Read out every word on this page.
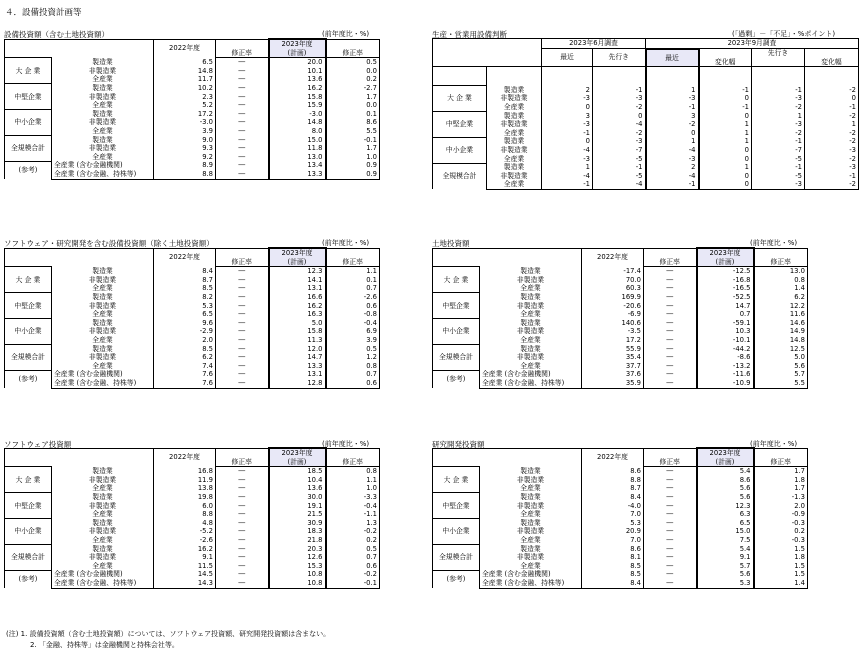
４．設備投資計画等
設備投資額（含む土地投資額）	(前年度比・%)
		2022年度		2023年度	
			修正率	(計画)	修正率
大 企 業	製造業	6.5	―	20.0	0.5
	非製造業	14.8	―	10.1	0.0
	全産業	11.7	―	13.6	0.2
中堅企業	製造業	10.2	―	16.2	-2.7
	非製造業	2.3	―	15.8	1.7
	全産業	5.2	―	15.9	0.0
中小企業	製造業	17.2	―	-3.0	0.1
	非製造業	-3.0	―	14.8	8.6
	全産業	3.9	―	8.0	5.5
全規模合計	製造業	9.0	―	15.0	-0.1
	非製造業	9.3	―	11.8	1.7
	全産業	9.2	―	13.0	1.0
(参考)	全産業 (含む金融機関)	8.9	―	13.4	0.9
	全産業 (含む金融、持株等)	8.8	―	13.3	0.9
ソフトウェア・研究開発を含む設備投資額（除く土地投資額）	(前年度比・%)
		2022年度		2023年度	
			修正率	(計画)	修正率
大 企 業	製造業	8.4	―	12.3	1.1
	非製造業	8.7	―	14.1	0.1
	全産業	8.5	―	13.1	0.7
中堅企業	製造業	8.2	―	16.6	-2.6
	非製造業	5.3	―	16.2	0.6
	全産業	6.5	―	16.3	-0.8
中小企業	製造業	9.6	―	5.0	-0.4
	非製造業	-2.9	―	15.8	6.9
	全産業	2.0	―	11.3	3.9
全規模合計	製造業	8.5	―	12.0	0.5
	非製造業	6.2	―	14.7	1.2
	全産業	7.4	―	13.3	0.8
(参考)	全産業 (含む金融機関)	7.6	―	13.1	0.7
	全産業 (含む金融、持株等)	7.6	―	12.8	0.6
ソフトウェア投資額	(前年度比・%)
		2022年度		2023年度	
			修正率	(計画)	修正率
大 企 業	製造業	16.8	―	18.5	0.8
	非製造業	11.9	―	10.4	1.1
	全産業	13.8	―	13.6	1.0
中堅企業	製造業	19.8	―	30.0	-3.3
	非製造業	6.0	―	19.1	-0.4
	全産業	8.8	―	21.5	-1.1
中小企業	製造業	4.8	―	30.9	1.3
	非製造業	-5.2	―	18.3	-0.2
	全産業	-2.6	―	21.8	0.2
全規模合計	製造業	16.2	―	20.3	0.5
	非製造業	9.1	―	12.6	0.7
	全産業	11.5	―	15.3	0.6
(参考)	全産業 (含む金融機関)	14.5	―	10.8	-0.2
	全産業 (含む金融、持株等)	14.3	―	10.8	-0.1
土地投資額	(前年度比・%)
		2022年度		2023年度	
			修正率	(計画)	修正率
大 企 業	製造業	-17.4	―	-12.5	13.0
	非製造業	70.0	―	-16.8	0.8
	全産業	60.3	―	-16.5	1.4
中堅企業	製造業	169.9	―	-52.5	6.2
	非製造業	-20.6	―	14.7	12.2
	全産業	-6.9	―	0.7	11.6
中小企業	製造業	140.6	―	-59.1	14.6
	非製造業	-3.5	―	10.3	14.9
	全産業	17.2	―	-10.1	14.8
全規模合計	製造業	55.9	―	-44.2	12.5
	非製造業	35.4	―	-8.6	5.0
	全産業	37.7	―	-13.2	5.6
(参考)	全産業 (含む金融機関)	37.6	―	-11.6	5.7
	全産業 (含む金融、持株等)	35.9	―	-10.9	5.5
研究開発投資額	(前年度比・%)
		2022年度		2023年度	
			修正率	(計画)	修正率
大 企 業	製造業	8.6	―	5.4	1.7
	非製造業	8.8	―	8.6	1.8
	全産業	8.7	―	5.6	1.7
中堅企業	製造業	8.4	―	5.6	-1.3
	非製造業	-4.0	―	12.3	2.0
	全産業	7.0	―	6.3	-0.9
中小企業	製造業	5.3	―	6.5	-0.3
	非製造業	20.9	―	15.0	0.2
	全産業	7.0	―	7.5	-0.3
全規模合計	製造業	8.6	―	5.4	1.5
	非製造業	8.1	―	9.1	1.8
	全産業	8.5	―	5.7	1.5
(参考)	全産業 (含む金融機関)	8.5	―	5.6	1.5
	全産業 (含む金融、持株等)	8.4	―	5.3	1.4
生産・営業用設備判断	(「過剰」－「不足」・%ポイント)
		2023年6月調査		2023年9月調査			
		最近	先行き	最近		先行き	
					変化幅		変化幅

大 企 業	製造業	2	-1	1	-1	-1	-2
	非製造業	-3	-3	-3	0	-3	0
	全産業	0	-2	-1	-1	-2	-1
中堅企業	製造業	3	0	3	0	1	-2
	非製造業	-3	-4	-2	1	-3	1
	全産業	-1	-2	0	1	-2	-2
中小企業	製造業	0	-3	1	1	-1	-2
	非製造業	-4	-7	-4	0	-7	-3
	全産業	-3	-5	-3	0	-5	-2
全規模合計	製造業	1	-1	2	1	-1	-3
	非製造業	-4	-5	-4	0	-5	-1
	全産業	-1	-4	-1	0	-3	-2
(注) 1. 設備投資額（含む土地投資額）については、ソフトウェア投資額、研究開発投資額は含まない。
2. 「金融、持株等」は金融機関と持株会社等。
